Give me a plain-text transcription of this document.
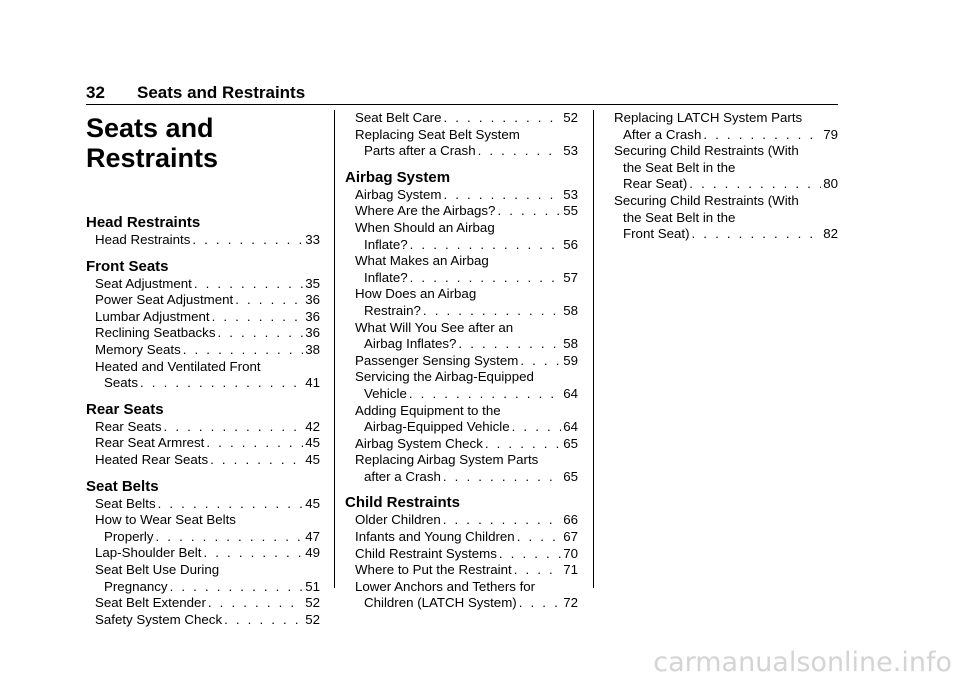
32 Seats and Restraints
Seats and
Restraints
Head Restraints
Head Restraints . . .	33
Front Seats
Seat Adjustment . . .	35
Power Seat Adjustment . . .	36
Lumbar Adjustment . . .	36
Reclining Seatbacks . . .	36
Memory Seats . . .	38
Heated and Ventilated Front
Seats . . .	41
Rear Seats
Rear Seats . . .	42
Rear Seat Armrest . . .	45
Heated Rear Seats . . .	45
Seat Belts
Seat Belts . . .	45
How to Wear Seat Belts
Properly . . .	47
Lap-Shoulder Belt . . .	49
Seat Belt Use During
Pregnancy . . .	51
Seat Belt Extender . . .	52
Safety System Check . . .	52
Seat Belt Care . . .	52
Replacing Seat Belt System
Parts after a Crash . . .	53
Airbag System
Airbag System . . .	53
Where Are the Airbags? . . .	55
When Should an Airbag
Inflate? . . .	56
What Makes an Airbag
Inflate? . . .	57
How Does an Airbag
Restrain? . . .	58
What Will You See after an
Airbag Inflates? . . .	58
Passenger Sensing System . . .	59
Servicing the Airbag-Equipped
Vehicle . . .	64
Adding Equipment to the
Airbag-Equipped Vehicle . . .	64
Airbag System Check . . .	65
Replacing Airbag System Parts
after a Crash . . .	65
Child Restraints
Older Children . . .	66
Infants and Young Children . . .	67
Child Restraint Systems . . .	70
Where to Put the Restraint . . .	71
Lower Anchors and Tethers for
Children (LATCH System) . . .	72
Replacing LATCH System Parts
After a Crash . . .	79
Securing Child Restraints (With
the Seat Belt in the
Rear Seat) . . .	80
Securing Child Restraints (With
the Seat Belt in the
Front Seat) . . .	82
carmanualsonline.info
